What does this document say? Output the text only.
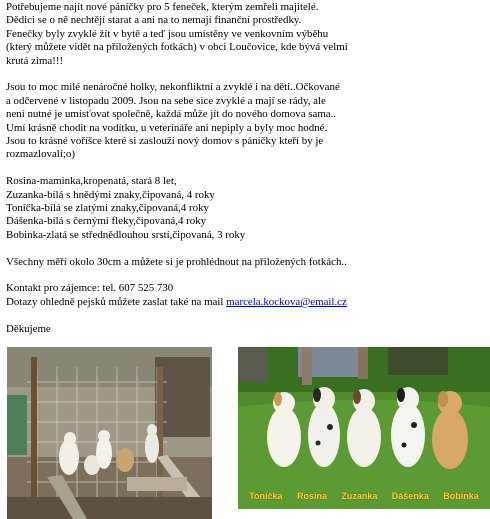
Potřebujeme najít nové páníčky pro 5 feneček, kterým zemřeli majitelé.
Dědici se o ně nechtějí starat a ani na to nemají finanční prostředky.
Fenečky byly zvyklé žít v bytě a teď jsou umístěny ve venkovním výběhu
(který můžete vidět na přiložených fotkách) v obci Loučovice, kde bývá velmi
krutá zima!!!
Jsou to moc milé nenáročné holky, nekonfliktní a zvyklé i na děti..Očkované
a odčervené v listopadu 2009. Jsou na sebe sice zvyklé a mají se rády, ale
není nutné je umisťovat společně, každá může jít do nového domova sama..
Umí krásně chodit na vodítku, u veterináře ani nepiply a byly moc hodné.
Jsou to krásné voříšce které si zaslouží nový domov s páníčky kteří by je
rozmazlovali;o)
Rosina-maminka,kropenatá, stará 8 let,
Zuzanka-bílá s hnědými znaky,čipovaná, 4 roky
Tonička-bílá se zlatými znaky,čipovaná,4 roky
Dášenka-bílá s černými fleky,čipovaná,4 roky
Bobinka-zlatá se střednědlouhou srstí,čipovaná, 3 roky
Všechny měří okolo 30cm a můžete si je prohlédnout na přiložených fotkách..
Kontakt pro zájemce: tel. 607 525 730
Dotazy ohledně pejsků můžete zaslat také na mail marcela.kockova@email.cz
Děkujeme
Tonička Rosina Zuzanka Dášenka Bobinka
